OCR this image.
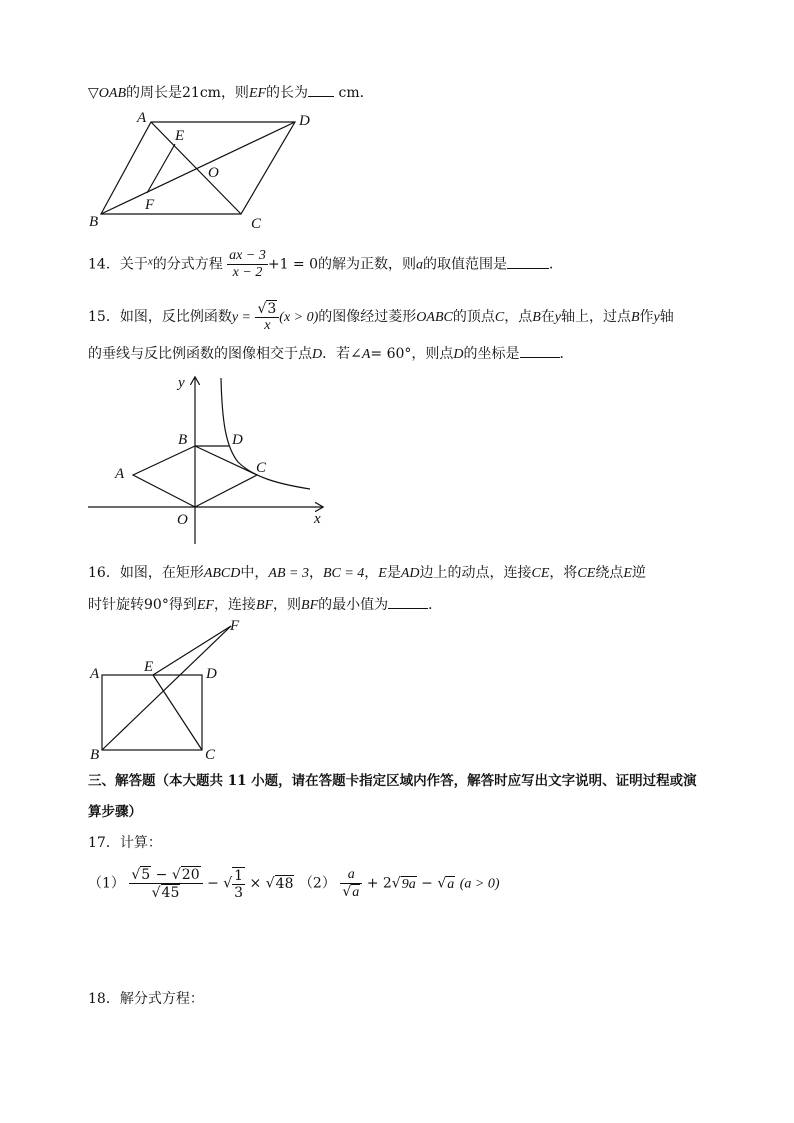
▽OAB的周长是21cm，则EF的长为 cm．
A	D
B	C
E
F
O
14．关于$^x$的分式方程 $\frac{ax - 3}{x - 2} +1 = 0$的解为正数，则a的取值范围是	．
15．如图，反比例函数$y = \frac{√3}{x} (x > 0)$的图像经过菱形OABC的顶点C，点B在y轴上，过点B作y轴
的垂线与反比例函数的图像相交于点D．若∠A= 60°，则点D的坐标是	．
y
x
B	D
C
A
O
16．如图，在矩形ABCD中，AB = 3，BC = 4，E是AD边上的动点，连接CE，将CE绕点E逆
时针旋转90°得到EF，连接BF，则BF的最小值为	．
A	D
B	C
E
F
三、解答题（本大题共 11 小题，请在答题卡指定区域内作答，解答时应写出文字说明、证明过程或演
算步骤）
17．计算：
$(1) \frac{√5 - √20}{√45}$ − √ $\frac{1}{3} \times √48$ $(2) \frac{a}{√a} + 2√9a - √a$ (a > 0)
18．解分式方程：
